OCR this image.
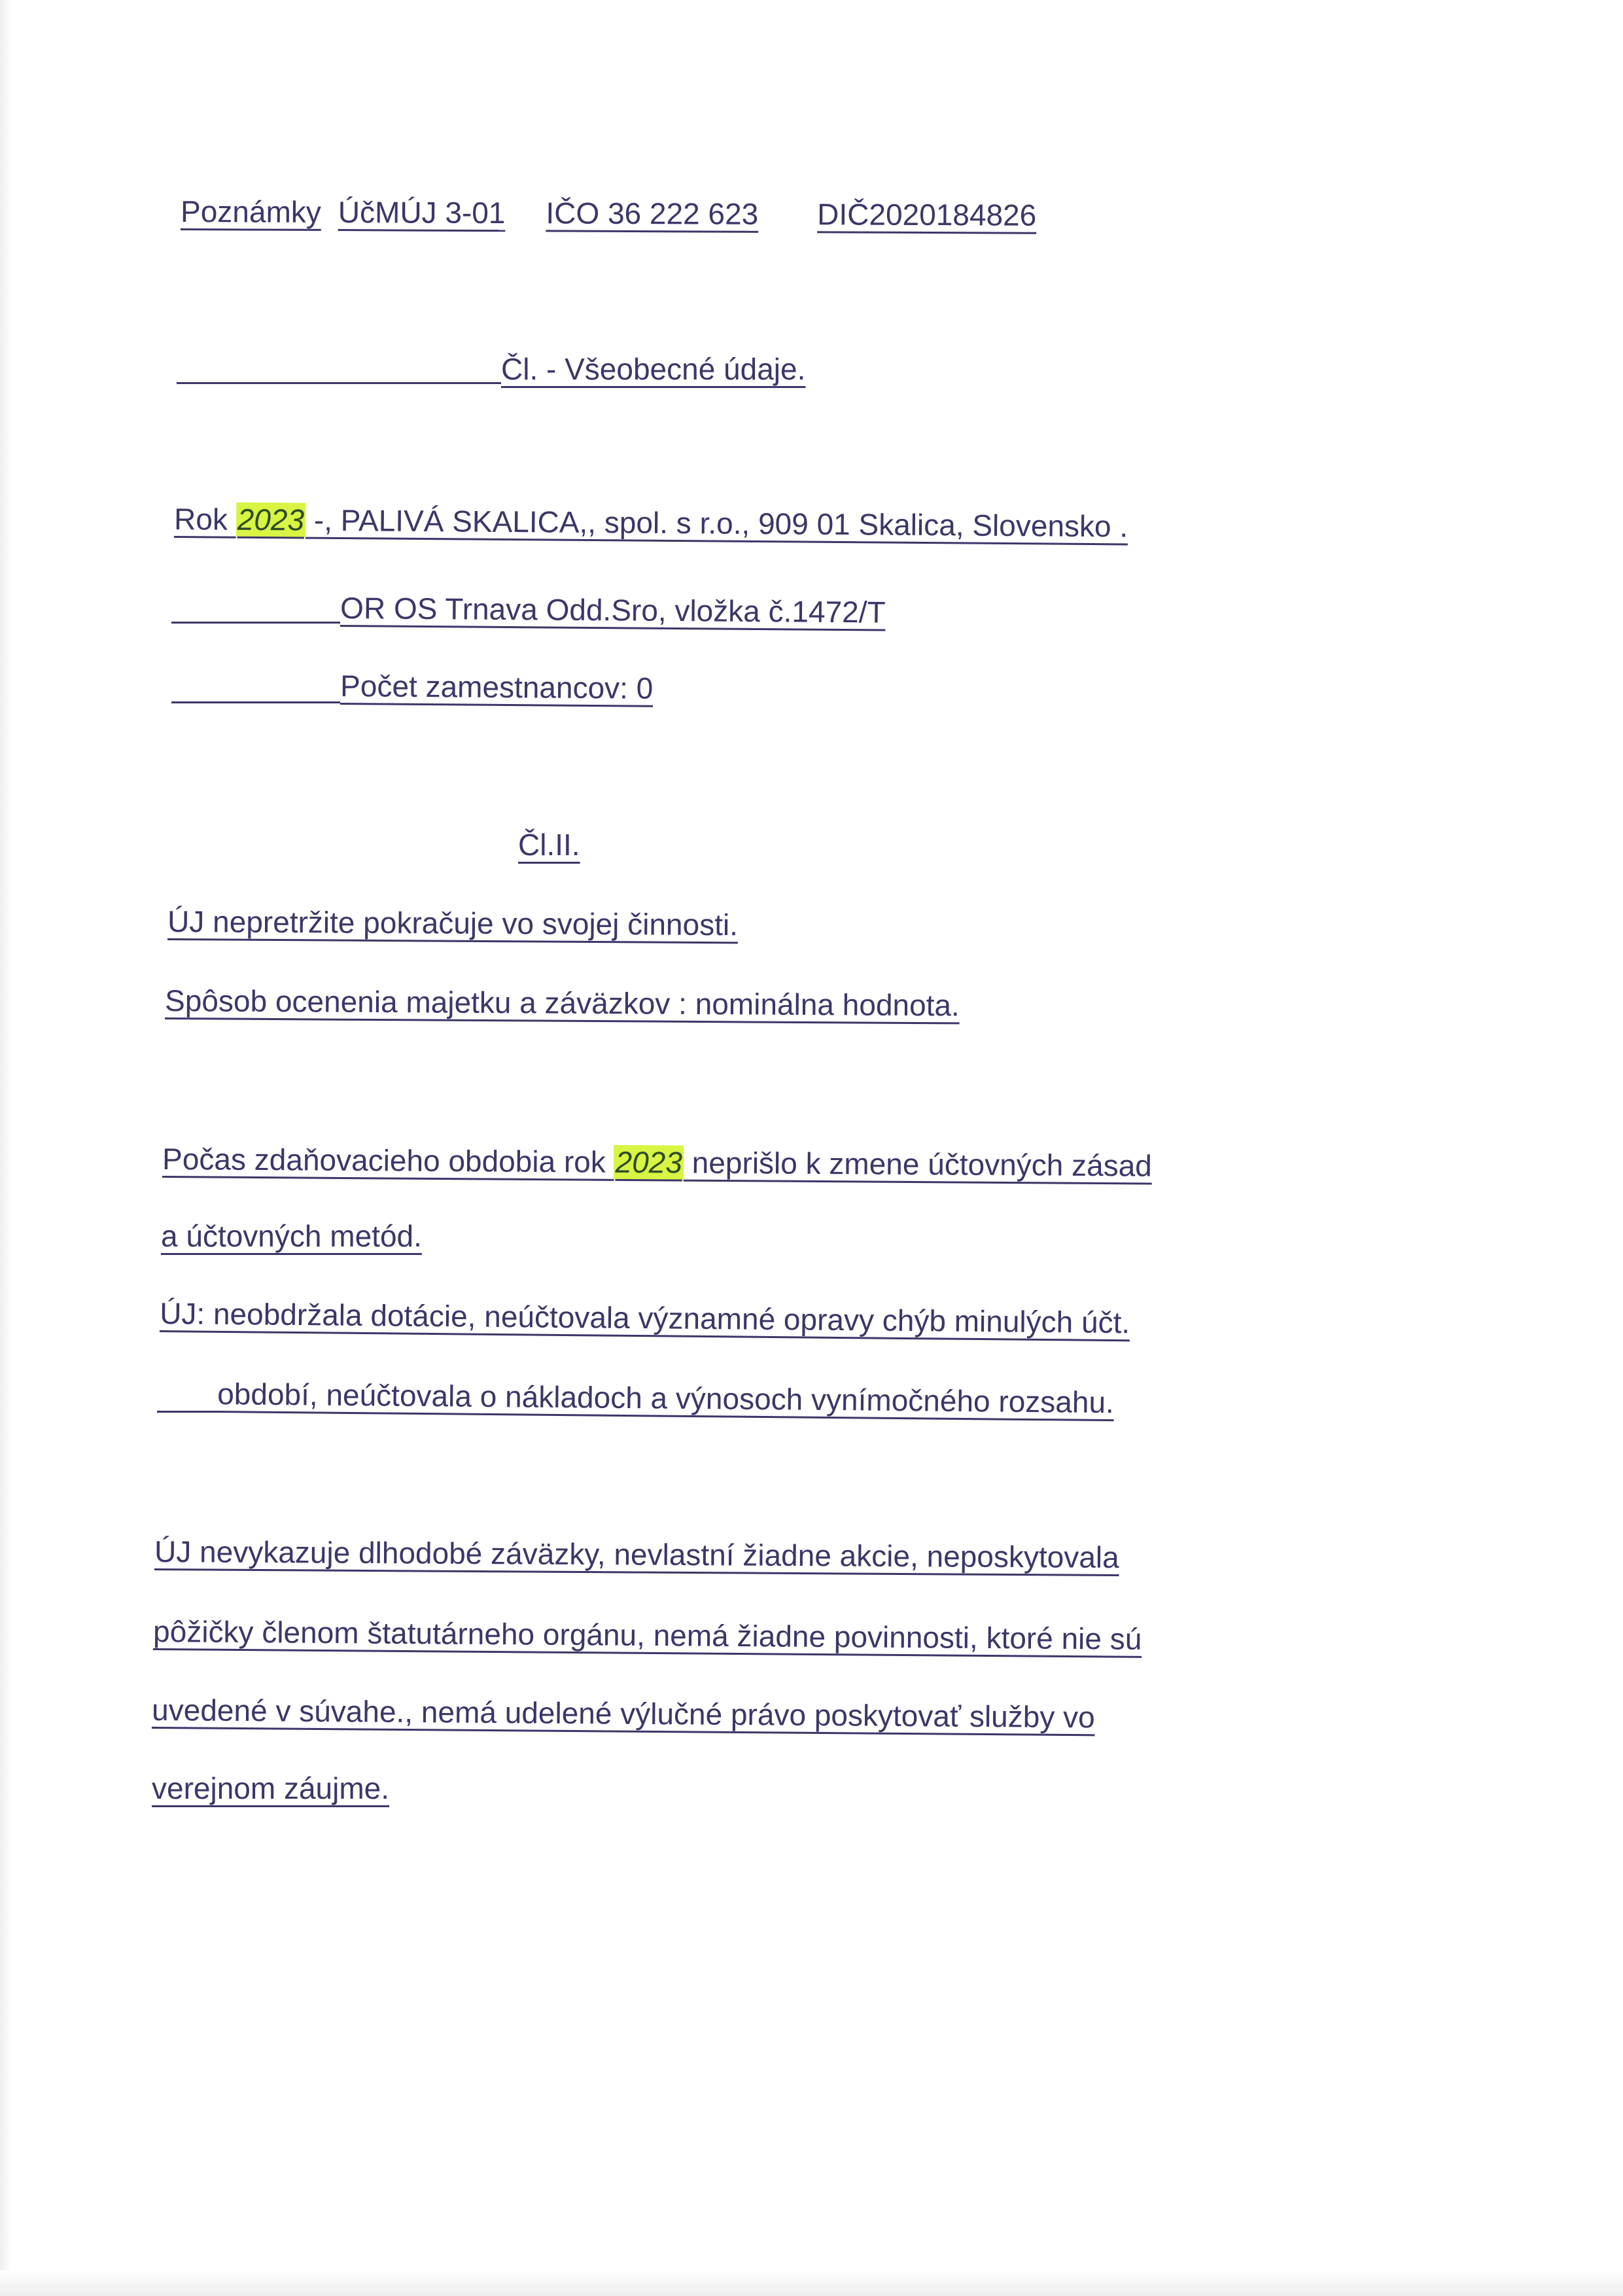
Poznámky ÚčMÚJ 3-01 IČO 36 222 623 DIČ2020184826
Čl. - Všeobecné údaje.
Rok 2023 -, PALIVÁ SKALICA,, spol. s r.o., 909 01 Skalica, Slovensko .
OR OS Trnava Odd.Sro, vložka č.1472/T
Počet zamestnancov: 0
Čl.II.
ÚJ nepretržite pokračuje vo svojej činnosti.
Spôsob ocenenia majetku a záväzkov : nominálna hodnota.
Počas zdaňovacieho obdobia rok 2023 neprišlo k zmene účtovných zásad
a účtovných metód.
ÚJ: neobdržala dotácie, neúčtovala významné opravy chýb minulých účt.
období, neúčtovala o nákladoch a výnosoch vynímočného rozsahu.
ÚJ nevykazuje dlhodobé záväzky, nevlastní žiadne akcie, neposkytovala
pôžičky členom štatutárneho orgánu, nemá žiadne povinnosti, ktoré nie sú
uvedené v súvahe., nemá udelené výlučné právo poskytovať služby vo
verejnom záujme.
